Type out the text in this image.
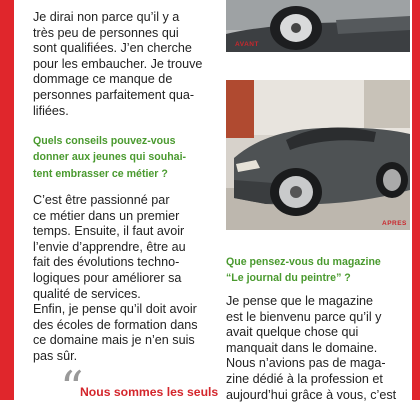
Je dirai non parce qu’il y a

très peu de personnes qui

sont qualifiées. J’en cherche

pour les embaucher. Je trouve

dommage ce manque de

personnes parfaitement qua-

lifiées.

Quels conseils pouvez-vous

donner aux jeunes qui souhai-

tent embrasser ce métier ?

C’est être passionné par

ce métier dans un premier

temps. Ensuite, il faut avoir

l’envie d’apprendre, être au

fait des évolutions techno-

logiques pour améliorer sa

qualité de services.

Enfin, je pense qu’il doit avoir

des écoles de formation dans

ce domaine mais je n’en suis

pas sûr.

“
Nous sommes les seuls
AVANT
APRES

Que pensez-vous du magazine

“Le journal du peintre” ?

Je pense que le magazine

est le bienvenu parce qu’il y

avait quelque chose qui

manquait dans le domaine.

Nous n’avions pas de maga-

zine dédié à la profession et

aujourd’hui grâce à vous, c’est
